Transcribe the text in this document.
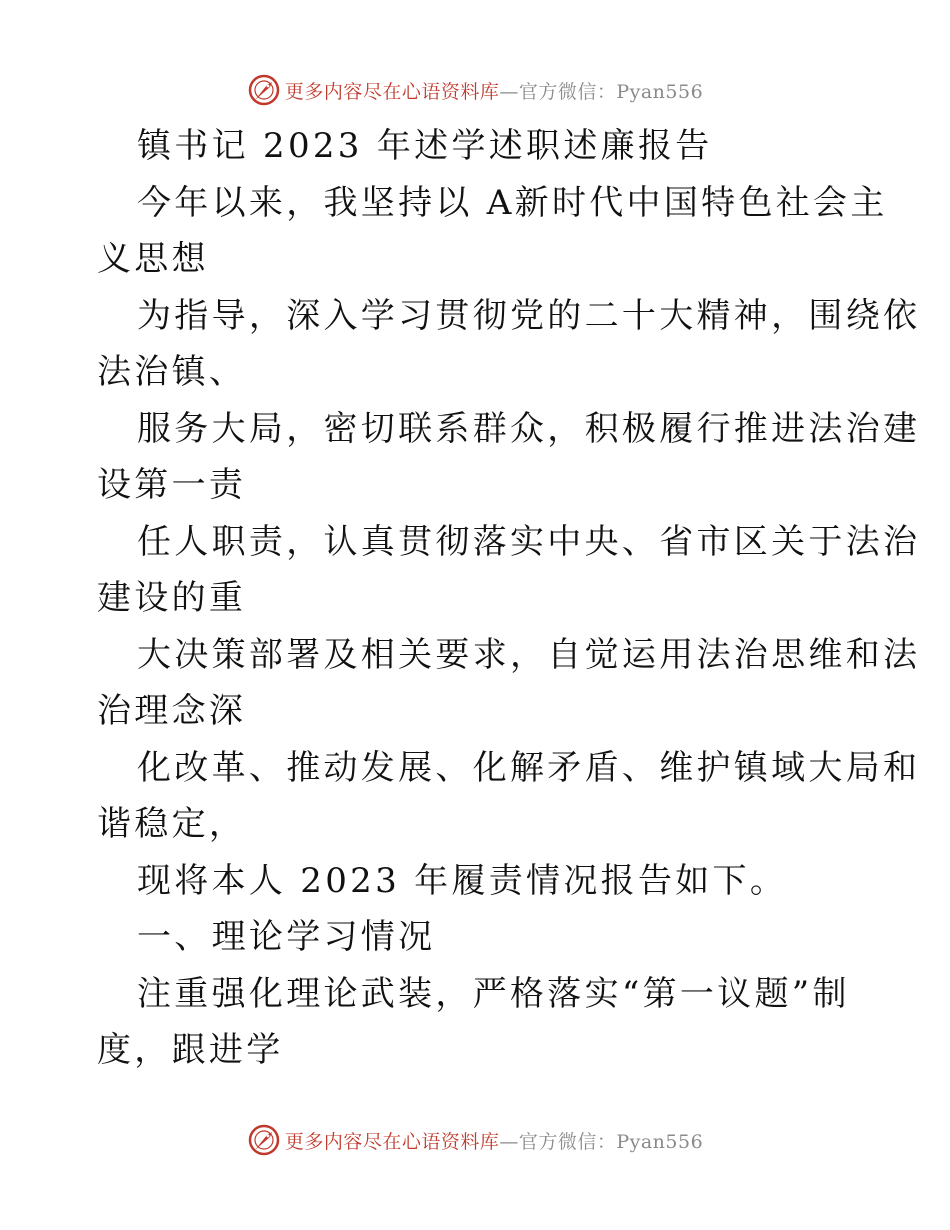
更多内容尽在心语资料库—官方微信：Pyan556
镇书记 2023 年述学述职述廉报告
今年以来，我坚持以 A新时代中国特色社会主
义思想
为指导，深入学习贯彻党的二十大精神，围绕依
法治镇、
服务大局，密切联系群众，积极履行推进法治建
设第一责
任人职责，认真贯彻落实中央、省市区关于法治
建设的重
大决策部署及相关要求，自觉运用法治思维和法
治理念深
化改革、推动发展、化解矛盾、维护镇域大局和
谐稳定，
现将本人 2023 年履责情况报告如下。
一、理论学习情况
注重强化理论武装，严格落实“第一议题”制
度，跟进学
更多内容尽在心语资料库—官方微信：Pyan556
